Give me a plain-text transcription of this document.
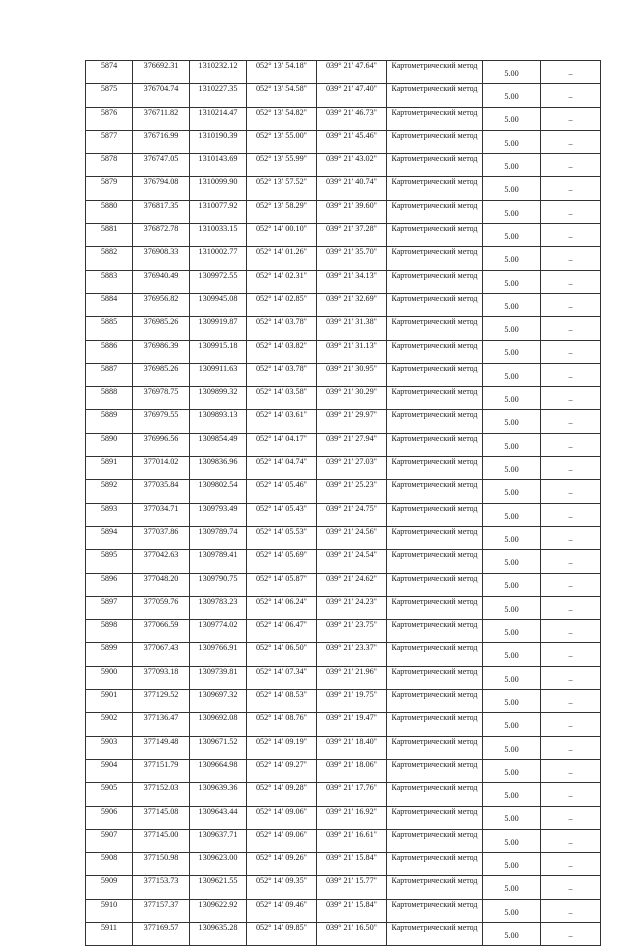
5874	376692.31	1310232.12	052° 13' 54.18"	039° 21' 47.64"	Картометрический метод	5.00	–
5875	376704.74	1310227.35	052° 13' 54.58"	039° 21' 47.40"	Картометрический метод	5.00	–
5876	376711.82	1310214.47	052° 13' 54.82"	039° 21' 46.73"	Картометрический метод	5.00	–
5877	376716.99	1310190.39	052° 13' 55.00"	039° 21' 45.46"	Картометрический метод	5.00	–
5878	376747.05	1310143.69	052° 13' 55.99"	039° 21' 43.02"	Картометрический метод	5.00	–
5879	376794.08	1310099.90	052° 13' 57.52"	039° 21' 40.74"	Картометрический метод	5.00	–
5880	376817.35	1310077.92	052° 13' 58.29"	039° 21' 39.60"	Картометрический метод	5.00	–
5881	376872.78	1310033.15	052° 14' 00.10"	039° 21' 37.28"	Картометрический метод	5.00	–
5882	376908.33	1310002.77	052° 14' 01.26"	039° 21' 35.70"	Картометрический метод	5.00	–
5883	376940.49	1309972.55	052° 14' 02.31"	039° 21' 34.13"	Картометрический метод	5.00	–
5884	376956.82	1309945.08	052° 14' 02.85"	039° 21' 32.69"	Картометрический метод	5.00	–
5885	376985.26	1309919.87	052° 14' 03.78"	039° 21' 31.38"	Картометрический метод	5.00	–
5886	376986.39	1309915.18	052° 14' 03.82"	039° 21' 31.13"	Картометрический метод	5.00	–
5887	376985.26	1309911.63	052° 14' 03.78"	039° 21' 30.95"	Картометрический метод	5.00	–
5888	376978.75	1309899.32	052° 14' 03.58"	039° 21' 30.29"	Картометрический метод	5.00	–
5889	376979.55	1309893.13	052° 14' 03.61"	039° 21' 29.97"	Картометрический метод	5.00	–
5890	376996.56	1309854.49	052° 14' 04.17"	039° 21' 27.94"	Картометрический метод	5.00	–
5891	377014.02	1309836.96	052° 14' 04.74"	039° 21' 27.03"	Картометрический метод	5.00	–
5892	377035.84	1309802.54	052° 14' 05.46"	039° 21' 25.23"	Картометрический метод	5.00	–
5893	377034.71	1309793.49	052° 14' 05.43"	039° 21' 24.75"	Картометрический метод	5.00	–
5894	377037.86	1309789.74	052° 14' 05.53"	039° 21' 24.56"	Картометрический метод	5.00	–
5895	377042.63	1309789.41	052° 14' 05.69"	039° 21' 24.54"	Картометрический метод	5.00	–
5896	377048.20	1309790.75	052° 14' 05.87"	039° 21' 24.62"	Картометрический метод	5.00	–
5897	377059.76	1309783.23	052° 14' 06.24"	039° 21' 24.23"	Картометрический метод	5.00	–
5898	377066.59	1309774.02	052° 14' 06.47"	039° 21' 23.75"	Картометрический метод	5.00	–
5899	377067.43	1309766.91	052° 14' 06.50"	039° 21' 23.37"	Картометрический метод	5.00	–
5900	377093.18	1309739.81	052° 14' 07.34"	039° 21' 21.96"	Картометрический метод	5.00	–
5901	377129.52	1309697.32	052° 14' 08.53"	039° 21' 19.75"	Картометрический метод	5.00	–
5902	377136.47	1309692.08	052° 14' 08.76"	039° 21' 19.47"	Картометрический метод	5.00	–
5903	377149.48	1309671.52	052° 14' 09.19"	039° 21' 18.40"	Картометрический метод	5.00	–
5904	377151.79	1309664.98	052° 14' 09.27"	039° 21' 18.06"	Картометрический метод	5.00	–
5905	377152.03	1309639.36	052° 14' 09.28"	039° 21' 17.76"	Картометрический метод	5.00	–
5906	377145.08	1309643.44	052° 14' 09.06"	039° 21' 16.92"	Картометрический метод	5.00	–
5907	377145.00	1309637.71	052° 14' 09.06"	039° 21' 16.61"	Картометрический метод	5.00	–
5908	377150.98	1309623.00	052° 14' 09.26"	039° 21' 15.84"	Картометрический метод	5.00	–
5909	377153.73	1309621.55	052° 14' 09.35"	039° 21' 15.77"	Картометрический метод	5.00	–
5910	377157.37	1309622.92	052° 14' 09.46"	039° 21' 15.84"	Картометрический метод	5.00	–
5911	377169.57	1309635.28	052° 14' 09.85"	039° 21' 16.50"	Картометрический метод	5.00	–
